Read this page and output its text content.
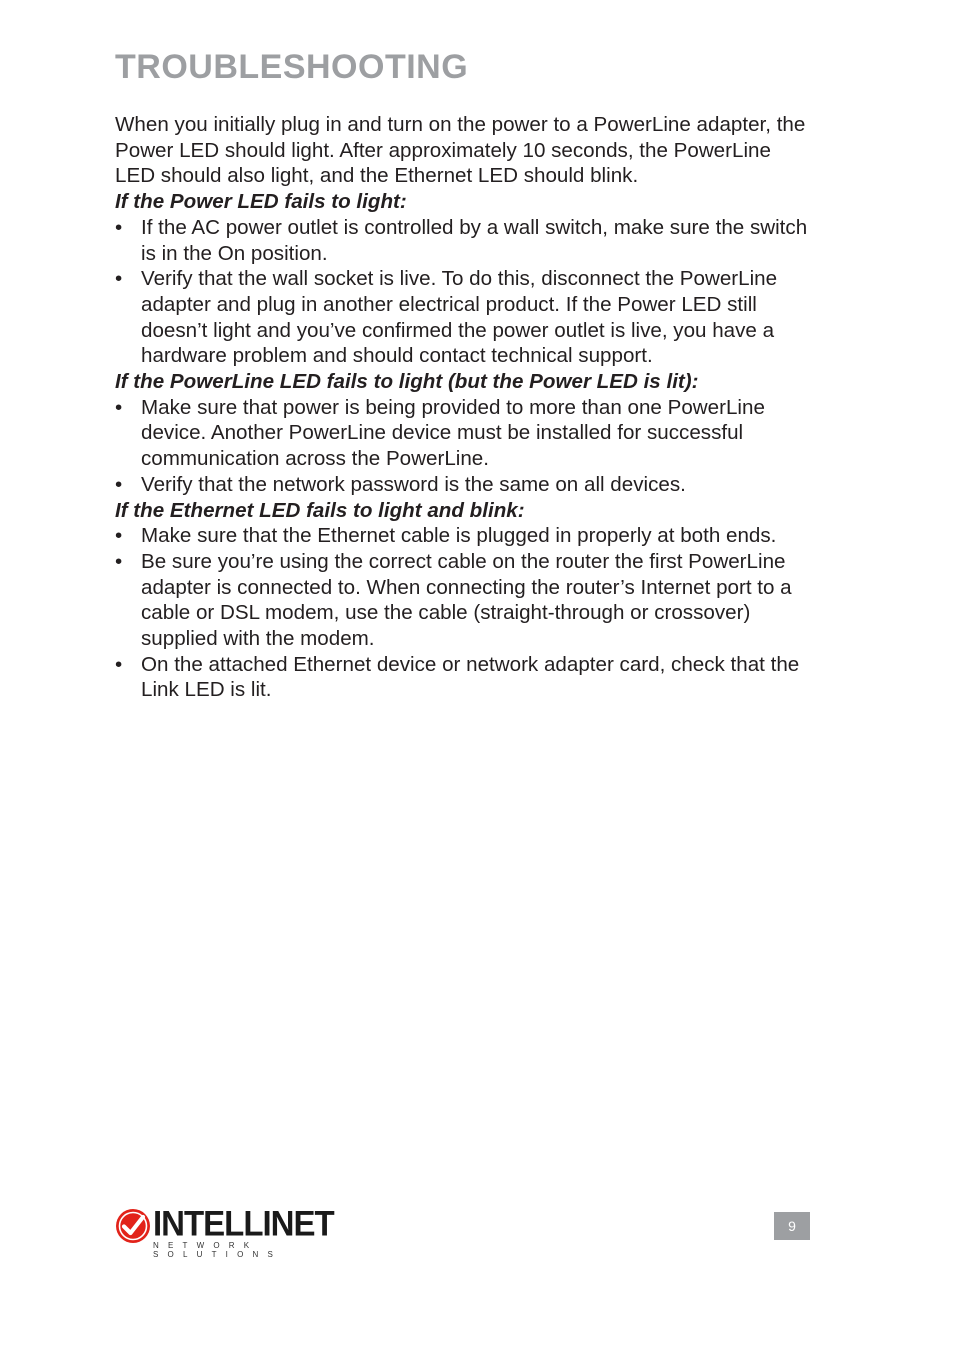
TROUBLESHOOTING

When you initially plug in and turn on the power to a PowerLine adapter, the Power LED should light. After approximately 10 seconds, the PowerLine LED should also light, and the Ethernet LED should blink.

If the Power LED fails to light:

• If the AC power outlet is controlled by a wall switch, make sure the switch is in the On position.
• Verify that the wall socket is live. To do this, disconnect the PowerLine adapter and plug in another electrical product. If the Power LED still doesn’t light and you’ve confirmed the power outlet is live, you have a hardware problem and should contact technical support.

If the PowerLine LED fails to light (but the Power LED is lit):

• Make sure that power is being provided to more than one PowerLine device. Another PowerLine device must be installed for successful communication across the PowerLine.
• Verify that the network password is the same on all devices.

If the Ethernet LED fails to light and blink:

• Make sure that the Ethernet cable is plugged in properly at both ends.
• Be sure you’re using the correct cable on the router the first PowerLine adapter is connected to. When connecting the router’s Internet port to a cable or DSL modem, use the cable (straight-through or crossover) supplied with the modem.
• On the attached Ethernet device or network adapter card, check that the Link LED is lit.
INTELLINET
NETWORK SOLUTIONS
9
